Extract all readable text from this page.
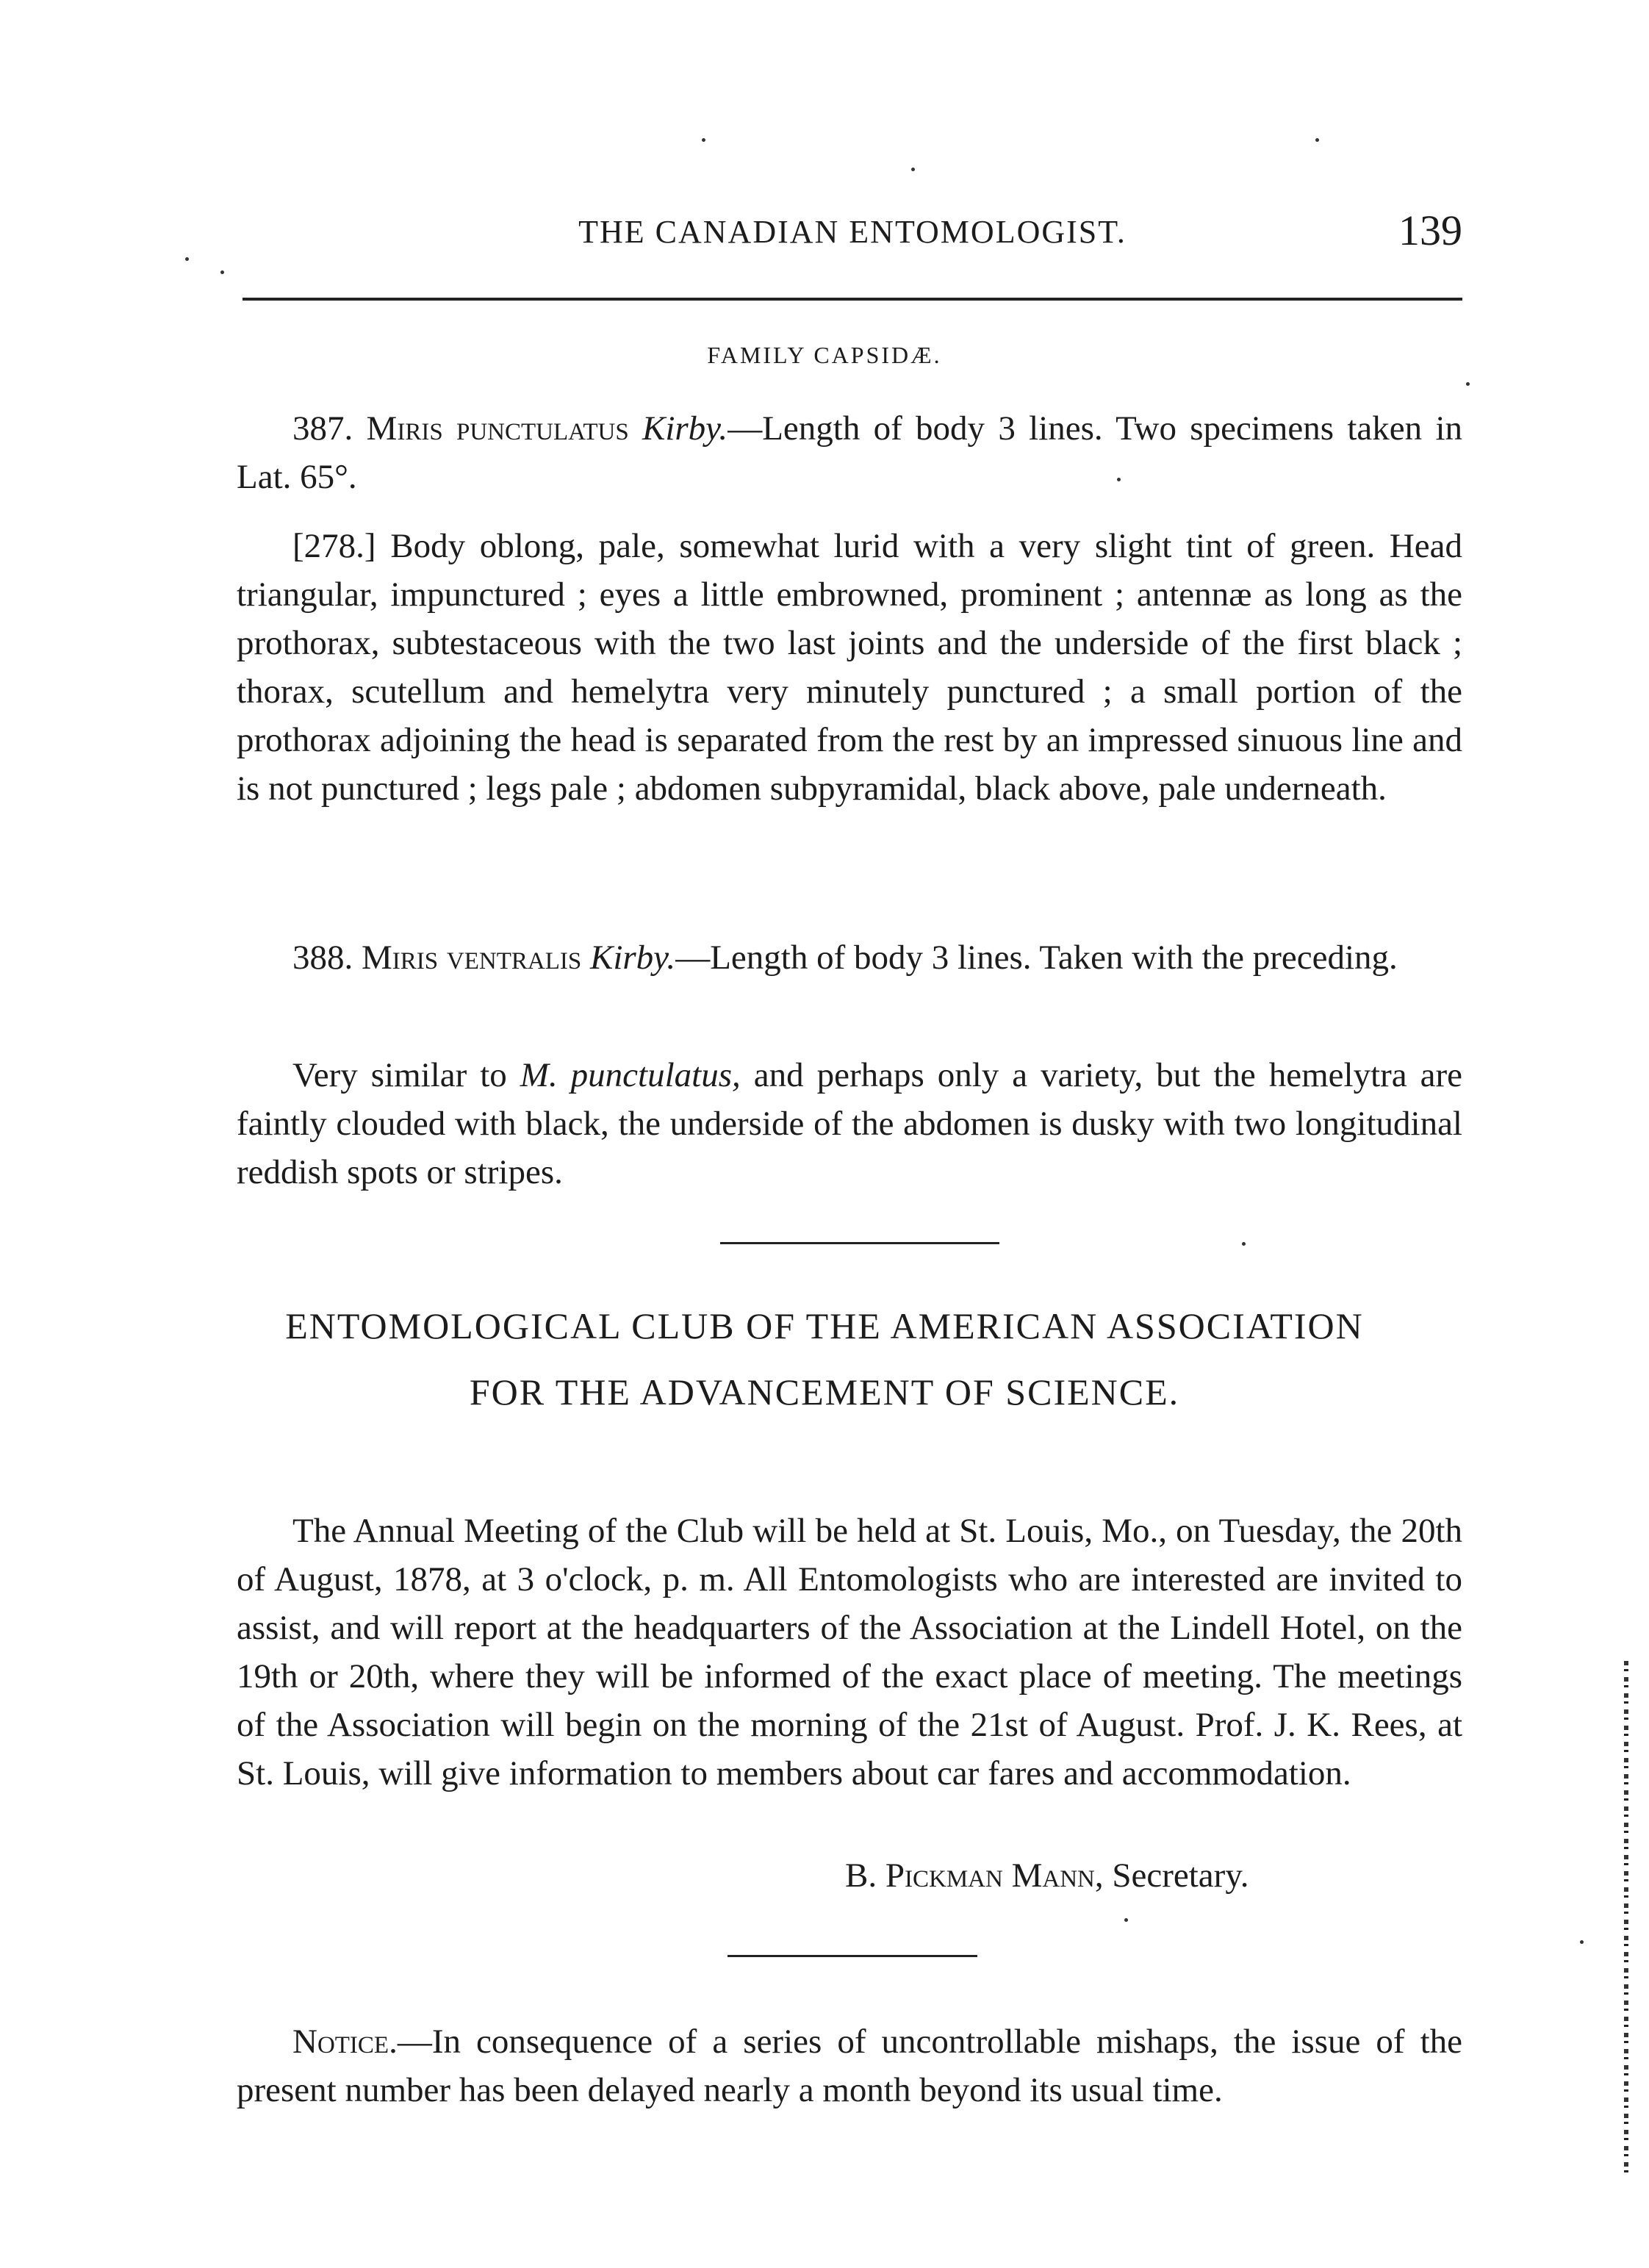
THE CANADIAN ENTOMOLOGIST.	139
FAMILY CAPSIDÆ.

387. Miris punctulatus Kirby.—Length of body 3 lines. Two specimens taken in Lat. 65°.

[278.] Body oblong, pale, somewhat lurid with a very slight tint of green. Head triangular, impunctured ; eyes a little embrowned, prominent ; antennæ as long as the prothorax, subtestaceous with the two last joints and the underside of the first black ; thorax, scutellum and hemelytra very minutely punctured ; a small portion of the prothorax adjoining the head is separated from the rest by an impressed sinuous line and is not punctured ; legs pale ; abdomen subpyramidal, black above, pale underneath.

388. Miris ventralis Kirby.—Length of body 3 lines. Taken with the preceding.

Very similar to M. punctulatus, and perhaps only a variety, but the hemelytra are faintly clouded with black, the underside of the abdomen is dusky with two longitudinal reddish spots or stripes.

ENTOMOLOGICAL CLUB OF THE AMERICAN ASSOCIATION
FOR THE ADVANCEMENT OF SCIENCE.

The Annual Meeting of the Club will be held at St. Louis, Mo., on Tuesday, the 20th of August, 1878, at 3 o'clock, p. m. All Entomologists who are interested are invited to assist, and will report at the headquarters of the Association at the Lindell Hotel, on the 19th or 20th, where they will be informed of the exact place of meeting. The meetings of the Association will begin on the morning of the 21st of August. Prof. J. K. Rees, at St. Louis, will give information to members about car fares and accommodation.

B. Pickman Mann, Secretary.

Notice.—In consequence of a series of uncontrollable mishaps, the issue of the present number has been delayed nearly a month beyond its usual time.
